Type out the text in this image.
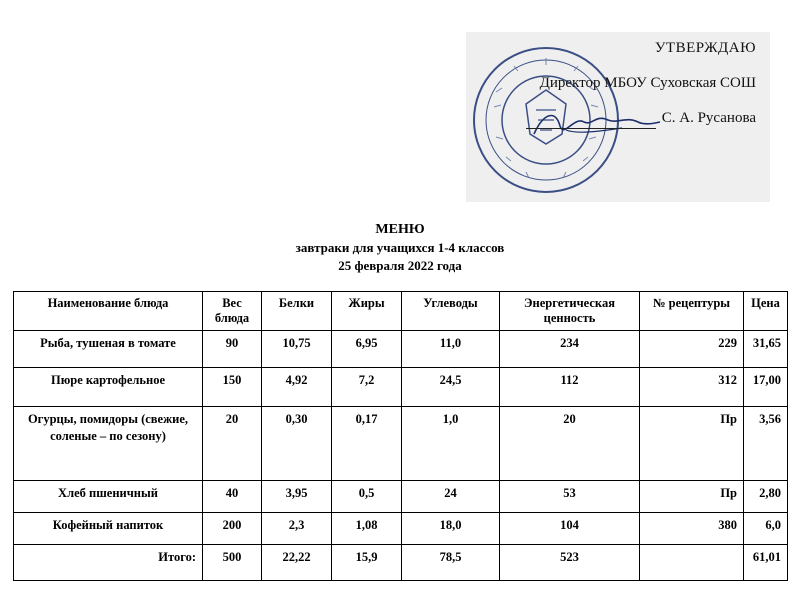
УТВЕРЖДАЮ
Директор МБОУ Суховская СОШ
С. А. Русанова

МЕНЮ

завтраки для учащихся 1-4 классов

25 февраля 2022 года

Наименование блюда	Вес блюда	Белки	Жиры	Углеводы	Энергетическая ценность	№ рецептуры	Цена
Рыба, тушеная в томате	90	10,75	6,95	11,0	234	229	31,65
Пюре картофельное	150	4,92	7,2	24,5	112	312	17,00
Огурцы, помидоры (свежие, соленые – по сезону)	20	0,30	0,17	1,0	20	Пр	3,56
Хлеб пшеничный	40	3,95	0,5	24	53	Пр	2,80
Кофейный напиток	200	2,3	1,08	18,0	104	380	6,0
Итого:	500	22,22	15,9	78,5	523		61,01
